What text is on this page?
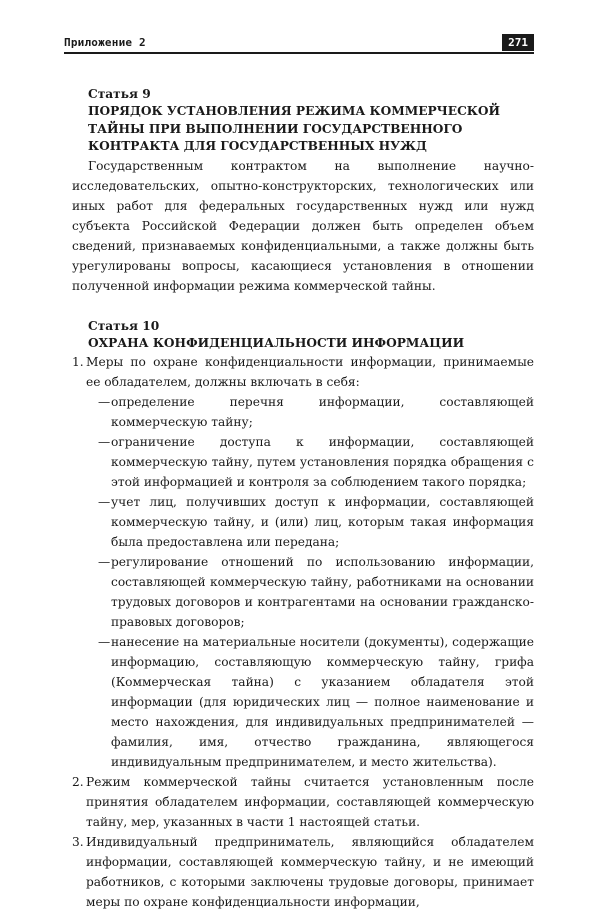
Приложение 2	271
Статья 9
ПОРЯДОК УСТАНОВЛЕНИЯ РЕЖИМА КОММЕРЧЕСКОЙ ТАЙНЫ ПРИ ВЫПОЛНЕНИИ ГОСУДАРСТВЕННОГО КОНТРАКТА ДЛЯ ГОСУДАРСТВЕННЫХ НУЖД

Государственным контрактом на выполнение научно-исследовательских, опытно-конструкторских, технологических или иных работ для федеральных государственных нужд или нужд субъекта Российской Федерации должен быть определен объем сведений, признаваемых конфиденциальными, а также должны быть урегулированы вопросы, касающиеся установления в отношении полученной информации режима коммерческой тайны.

Статья 10
ОХРАНА КОНФИДЕНЦИАЛЬНОСТИ ИНФОРМАЦИИ
1. Меры по охране конфиденциальности информации, принимаемые ее обладателем, должны включать в себя:
— определение перечня информации, составляющей коммерческую тайну;
— ограничение доступа к информации, составляющей коммерческую тайну, путем установления порядка обращения с этой информацией и контроля за соблюдением такого порядка;
— учет лиц, получивших доступ к информации, составляющей коммерческую тайну, и (или) лиц, которым такая информация была предоставлена или передана;
— регулирование отношений по использованию информации, составляющей коммерческую тайну, работниками на основании трудовых договоров и контрагентами на основании гражданско-правовых договоров;
— нанесение на материальные носители (документы), содержащие информацию, составляющую коммерческую тайну, грифа (Коммерческая тайна) с указанием обладателя этой информации (для юридических лиц — полное наименование и место нахождения, для индивидуальных предпринимателей — фамилия, имя, отчество гражданина, являющегося индивидуальным предпринимателем, и место жительства).
2. Режим коммерческой тайны считается установленным после принятия обладателем информации, составляющей коммерческую тайну, мер, указанных в части 1 настоящей статьи.
3. Индивидуальный предприниматель, являющийся обладателем информации, составляющей коммерческую тайну, и не имеющий работников, с которыми заключены трудовые договоры, принимает меры по охране конфиденциальности информации,
